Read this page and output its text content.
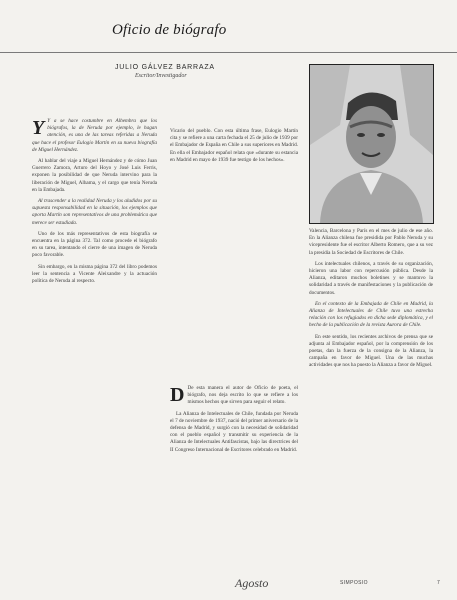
Oficio de biógrafo
JULIO GÁLVEZ BARRAZA
Escritor/Investigador

Y Y a se hace costumbre en Alhembra que los biógrafos, la de Neruda por ejemplo, le hagan atención, es una de las tareas referidas a Neruda que hace el profesor Eulogio Martín en su nueva biografía de Miguel Hernández.

Al hablar del viaje a Miguel Hernández y de cómo Juan Guerrero Zamora, Arturo del Hoyo y José Luis Ferris, exponen la posibilidad de que Neruda intervino para la liberación de Miguel, Alhama, y el cargo que tenía Neruda en la Embajada.

Al trascender a la realidad Neruda y los aludidos por su supuesta responsabilidad en la situación, los ejemplos que aporta Martín son representativos de una problemática que merece ser estudiada.

Uno de los más representativos de esta biografía se encuentra en la página 372. Tal como procede el biógrafo en su tarea, intentando el cierre de una imagen de Neruda poco favorable.

Sin embargo, en la misma página 372 del libro podemos leer la sentencia a Vicente Aleixandre y la actuación política de Neruda al respecto.

Vicario del pueblo. Con esta última frase, Eulogio Martín cita y se refiere a una carta fechada el 25 de julio de 1939 por el Embajador de España en Chile a sus superiores en Madrid. En ella el Embajador español relata que «durante su estancia en Madrid en mayo de 1939 fue testigo de los hechos».

D De esta manera el autor de Oficio de poeta, el biógrafo, nos deja escrito lo que se refiere a los mismos hechos que sirven para seguir el relato.

La Alianza de Intelectuales de Chile, fundada por Neruda el 7 de noviembre de 1937, nació del primer aniversario de la defensa de Madrid, y surgió con la necesidad de solidaridad con el pueblo español y transmitir su experiencia de la Alianza de Intelectuales Antifascistas, bajo las directrices del II Congreso Internacional de Escritores celebrado en Madrid.

Valencia, Barcelona y París en el mes de julio de ese año. En la Alianza chilena fue presidida por Pablo Neruda y su vicepresidente fue el escritor Alberto Romero, que a su vez la presidía la Sociedad de Escritores de Chile.

Los intelectuales chilenos, a través de su organización, hicieron una labor con repercusión pública. Desde la Alianza, editaron muchos boletines y se mantuvo la solidaridad a través de manifestaciones y la publicación de documentos.

En el contexto de la Embajada de Chile en Madrid, la Alianza de Intelectuales de Chile tuvo una estrecha relación con los refugiados en dicha sede diplomática, y el hecho de la publicación de la revista Aurora de Chile.

En este sentido, los recientes archivos de prensa que se adjunta al Embajador español, por la comprensión de los poetas, dan la fuerza de la consigna de la Alianza, la campaña en favor de Miguel. Una de las muchas actividades que nos ha puesto la Alianza a favor de Miguel.

Agosto	SIMPOSIO	7
